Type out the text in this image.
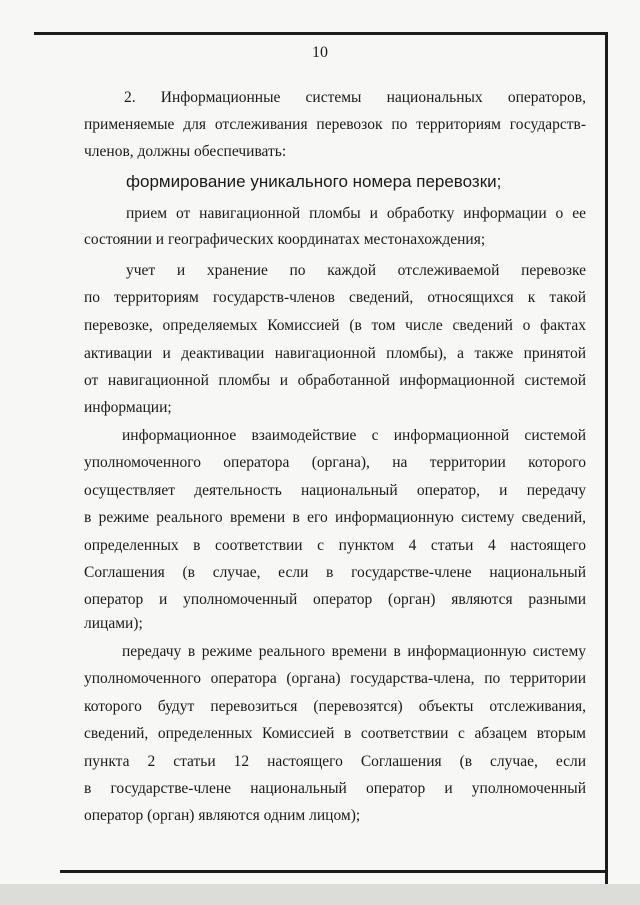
10
2. Информационные системы национальных операторов,
применяемые для отслеживания перевозок по территориям государств-
членов, должны обеспечивать:
формирование уникального номера перевозки;
прием от навигационной пломбы и обработку информации о ее
состоянии и географических координатах местонахождения;
учет и хранение по каждой отслеживаемой перевозке
по территориям государств-членов сведений, относящихся к такой
перевозке, определяемых Комиссией (в том числе сведений о фактах
активации и деактивации навигационной пломбы), а также принятой
от навигационной пломбы и обработанной информационной системой
информации;
информационное взаимодействие с информационной системой
уполномоченного оператора (органа), на территории которого
осуществляет деятельность национальный оператор, и передачу
в режиме реального времени в его информационную систему сведений,
определенных в соответствии с пунктом 4 статьи 4 настоящего
Соглашения (в случае, если в государстве-члене национальный
оператор и уполномоченный оператор (орган) являются разными
лицами);
передачу в режиме реального времени в информационную систему
уполномоченного оператора (органа) государства-члена, по территории
которого будут перевозиться (перевозятся) объекты отслеживания,
сведений, определенных Комиссией в соответствии с абзацем вторым
пункта 2 статьи 12 настоящего Соглашения (в случае, если
в государстве-члене национальный оператор и уполномоченный
оператор (орган) являются одним лицом);
